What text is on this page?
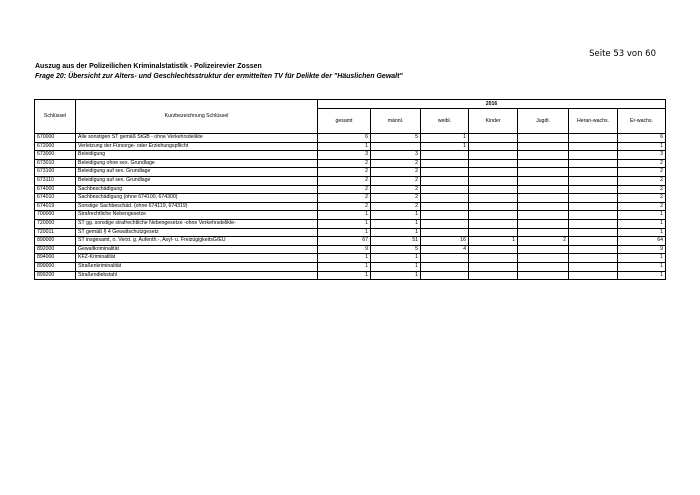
Seite 53 von 60
Auszug aus der Polizeilichen Kriminalstatistik - Polizeirevier Zossen
Frage 20: Übersicht zur Alters- und Geschlechtsstruktur der ermittelten TV für Delikte der "Häuslichen Gewalt"
Schlüssel	Kurzbezeichnung Schlüssel	2016						
		gesamt	männl.	weibl.	Kinder	Jugdl.	Heran-wachs.	Er-wachs.
670000	Alle sonstigen ST gemäß StGB - ohne Verkehrsdelikte	6	5	1				6
672000	Verletzung der Fürsorge- oder Erziehungspflicht	1		1				1
673000	Beleidigung	3	3					3
673010	Beleidigung ohne sex. Grundlage	2	2					2
673100	Beleidigung auf sex. Grundlage	2	2					2
673110	Beleidigung auf sex. Grundlage	2	2					2
674000	Sachbeschädigung	2	2					2
674010	Sachbeschädigung (ohne 674100, 674300)	2	2					2
674019	Sonstige Sachbeschäd. (ohne 674119, 674319)	2	2					2
700000	Strafrechtliche Nebengesetze	1	1					1
720000	ST gg. sonstige strafrechtliche Nebengesetze -ohne Verkehrsdelikte-	1	1					1
720011	ST gemäß § 4 Gewaltschutzgesetz	1	1					1
890000	ST insgesamt, o. Verst. g. Aufenth.-, Asyl- u. FreizügigkeitsG/EU	67	51	16	1	2		64
892000	Gewaltkriminalität	9	5	4				9
894000	KFZ-Kriminalität	1	1					1
899000	Straßenkriminalität	1	1					1
899200	Straßendiebstahl	1	1					1
